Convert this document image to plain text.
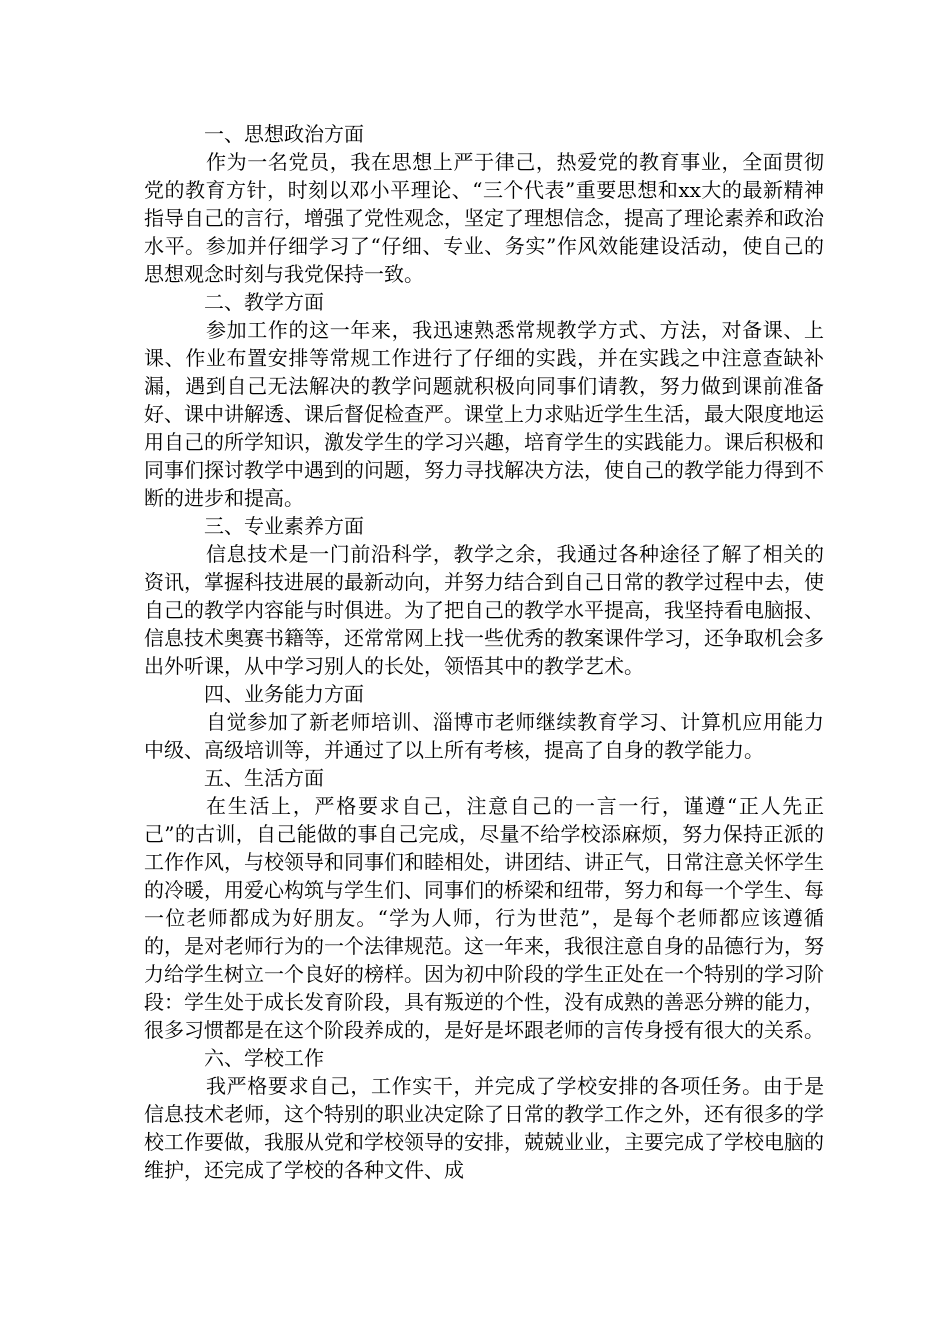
一、思想政治方面

作为一名党员，我在思想上严于律己，热爱党的教育事业，全面贯彻党的教育方针，时刻以邓小平理论、“三个代表”重要思想和xx大的最新精神指导自己的言行，增强了党性观念，坚定了理想信念，提高了理论素养和政治水平。参加并仔细学习了“仔细、专业、务实”作风效能建设活动，使自己的思想观念时刻与我党保持一致。

二、教学方面

参加工作的这一年来，我迅速熟悉常规教学方式、方法，对备课、上课、作业布置安排等常规工作进行了仔细的实践，并在实践之中注意查缺补漏，遇到自己无法解决的教学问题就积极向同事们请教，努力做到课前准备好、课中讲解透、课后督促检查严。课堂上力求贴近学生生活，最大限度地运用自己的所学知识，激发学生的学习兴趣，培育学生的实践能力。课后积极和同事们探讨教学中遇到的问题，努力寻找解决方法，使自己的教学能力得到不断的进步和提高。

三、专业素养方面

信息技术是一门前沿科学，教学之余，我通过各种途径了解了相关的资讯，掌握科技进展的最新动向，并努力结合到自己日常的教学过程中去，使自己的教学内容能与时俱进。为了把自己的教学水平提高，我坚持看电脑报、信息技术奥赛书籍等，还常常网上找一些优秀的教案课件学习，还争取机会多出外听课，从中学习别人的长处，领悟其中的教学艺术。

四、业务能力方面

自觉参加了新老师培训、淄博市老师继续教育学习、计算机应用能力中级、高级培训等，并通过了以上所有考核，提高了自身的教学能力。

五、生活方面

在生活上，严格要求自己，注意自己的一言一行，谨遵“正人先正己”的古训，自己能做的事自己完成，尽量不给学校添麻烦，努力保持正派的工作作风，与校领导和同事们和睦相处，讲团结、讲正气，日常注意关怀学生的冷暖，用爱心构筑与学生们、同事们的桥梁和纽带，努力和每一个学生、每一位老师都成为好朋友。“学为人师，行为世范”，是每个老师都应该遵循的，是对老师行为的一个法律规范。这一年来，我很注意自身的品德行为，努力给学生树立一个良好的榜样。因为初中阶段的学生正处在一个特别的学习阶段：学生处于成长发育阶段，具有叛逆的个性，没有成熟的善恶分辨的能力，很多习惯都是在这个阶段养成的，是好是坏跟老师的言传身授有很大的关系。

六、学校工作

我严格要求自己，工作实干，并完成了学校安排的各项任务。由于是信息技术老师，这个特别的职业决定除了日常的教学工作之外，还有很多的学校工作要做，我服从党和学校领导的安排，兢兢业业，主要完成了学校电脑的维护，还完成了学校的各种文件、成
